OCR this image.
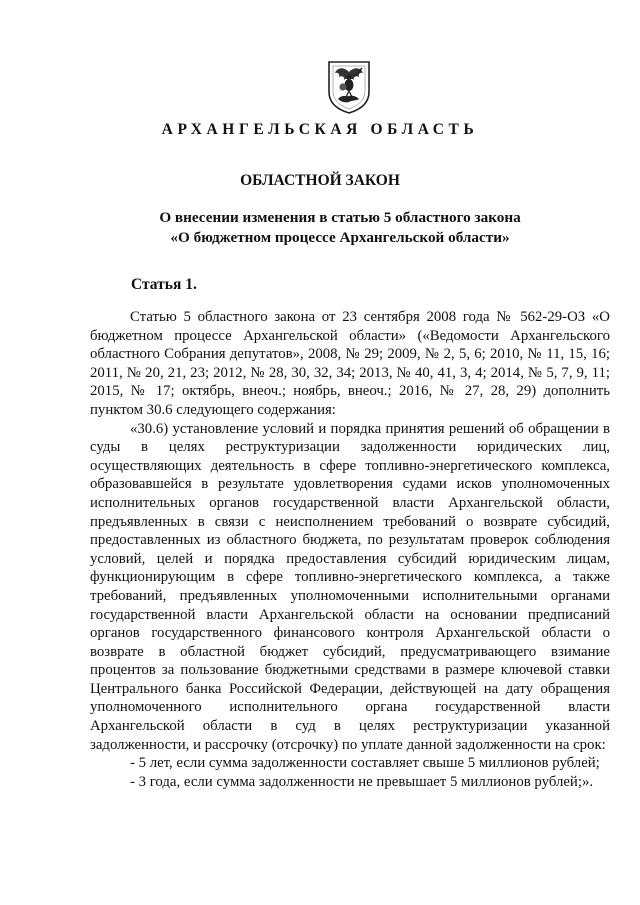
АРХАНГЕЛЬСКАЯ ОБЛАСТЬ
ОБЛАСТНОЙ ЗАКОН
О внесении изменения в статью 5 областного закона
«О бюджетном процессе Архангельской области»
Статья 1.

Статью 5 областного закона от 23 сентября 2008 года № 562-29-ОЗ «О бюджетном процессе Архангельской области» («Ведомости Архангельского областного Собрания депутатов», 2008, № 29; 2009, № 2, 5, 6; 2010, № 11, 15, 16; 2011, № 20, 21, 23; 2012, № 28, 30, 32, 34; 2013, № 40, 41, 3, 4; 2014, № 5, 7, 9, 11; 2015, № 17; октябрь, внеоч.; ноябрь, внеоч.; 2016, № 27, 28, 29) дополнить пунктом 30.6 следующего содержания:

«30.6) установление условий и порядка принятия решений об обращении в суды в целях реструктуризации задолженности юридических лиц, осуществляющих деятельность в сфере топливно-энергетического комплекса, образовавшейся в результате удовлетворения судами исков уполномоченных исполнительных органов государственной власти Архангельской области, предъявленных в связи с неисполнением требований о возврате субсидий, предоставленных из областного бюджета, по результатам проверок соблюдения условий, целей и порядка предоставления субсидий юридическим лицам, функционирующим в сфере топливно-энергетического комплекса, а также требований, предъявленных уполномоченными исполнительными органами государственной власти Архангельской области на основании предписаний органов государственного финансового контроля Архангельской области о возврате в областной бюджет субсидий, предусматривающего взимание процентов за пользование бюджетными средствами в размере ключевой ставки Центрального банка Российской Федерации, действующей на дату обращения уполномоченного исполнительного органа государственной власти Архангельской области в суд в целях реструктуризации указанной задолженности, и рассрочку (отсрочку) по уплате данной задолженности на срок:

- 5 лет, если сумма задолженности составляет свыше 5 миллионов рублей;

- 3 года, если сумма задолженности не превышает 5 миллионов рублей;».
